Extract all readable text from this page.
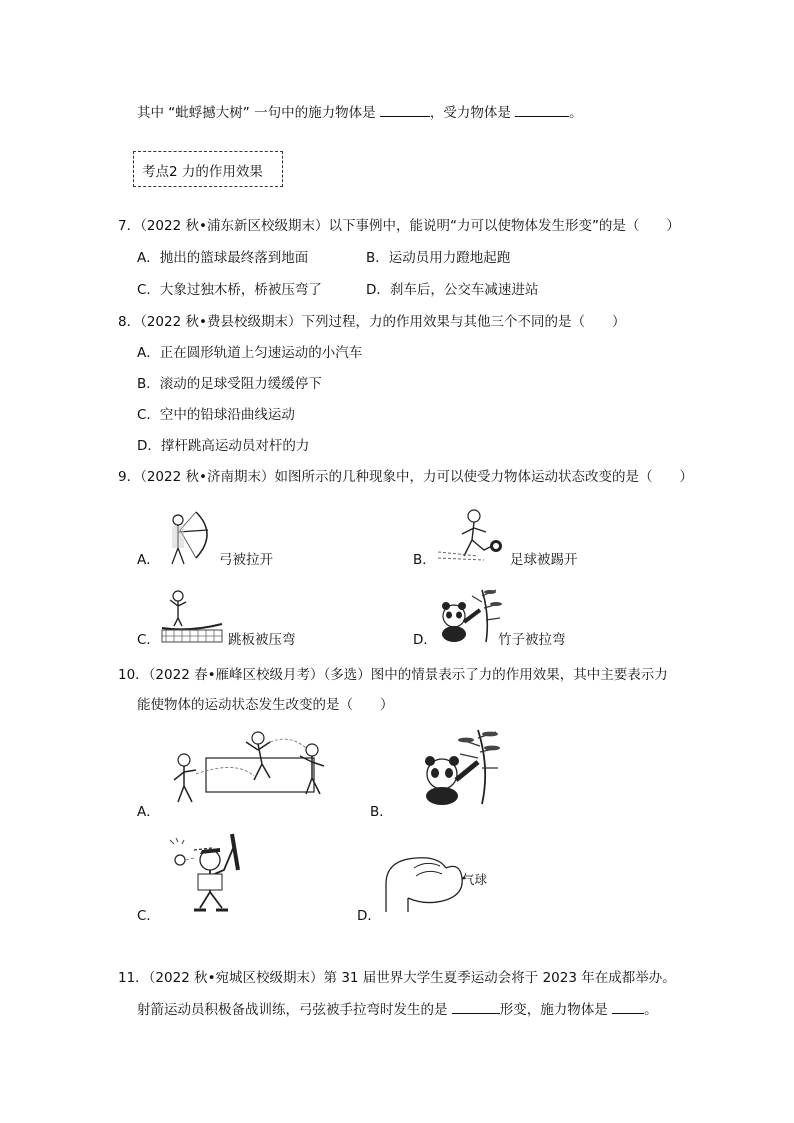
其中 “蚍蜉撼大树” 一句中的施力物体是	，受力物体是	。
考点2 力的作用效果
7．（2022 秋•浦东新区校级期末）以下事例中，能说明“力可以使物体发生形变”的是（　　）
A．抛出的篮球最终落到地面	B．运动员用力蹬地起跑
C．大象过独木桥，桥被压弯了	D．刹车后，公交车减速进站
8．（2022 秋•费县校级期末）下列过程，力的作用效果与其他三个不同的是（　　）
A．正在圆形轨道上匀速运动的小汽车
B．滚动的足球受阻力缓缓停下
C．空中的铅球沿曲线运动
D．撑杆跳高运动员对杆的力
9．（2022 秋•济南期末）如图所示的几种现象中，力可以使受力物体运动状态改变的是（　　）
A．	弓被拉开	B．	足球被踢开
C．	跳板被压弯	D．	竹子被拉弯
10．（2022 春•雁峰区校级月考）（多选）图中的情景表示了力的作用效果，其中主要表示力
能使物体的运动状态发生改变的是（　　）
A．	B．
C．	D．
气球
11．（2022 秋•宛城区校级期末）第 31 届世界大学生夏季运动会将于 2023 年在成都举办。
射箭运动员积极备战训练，弓弦被手拉弯时发生的是	形变，施力物体是	。
